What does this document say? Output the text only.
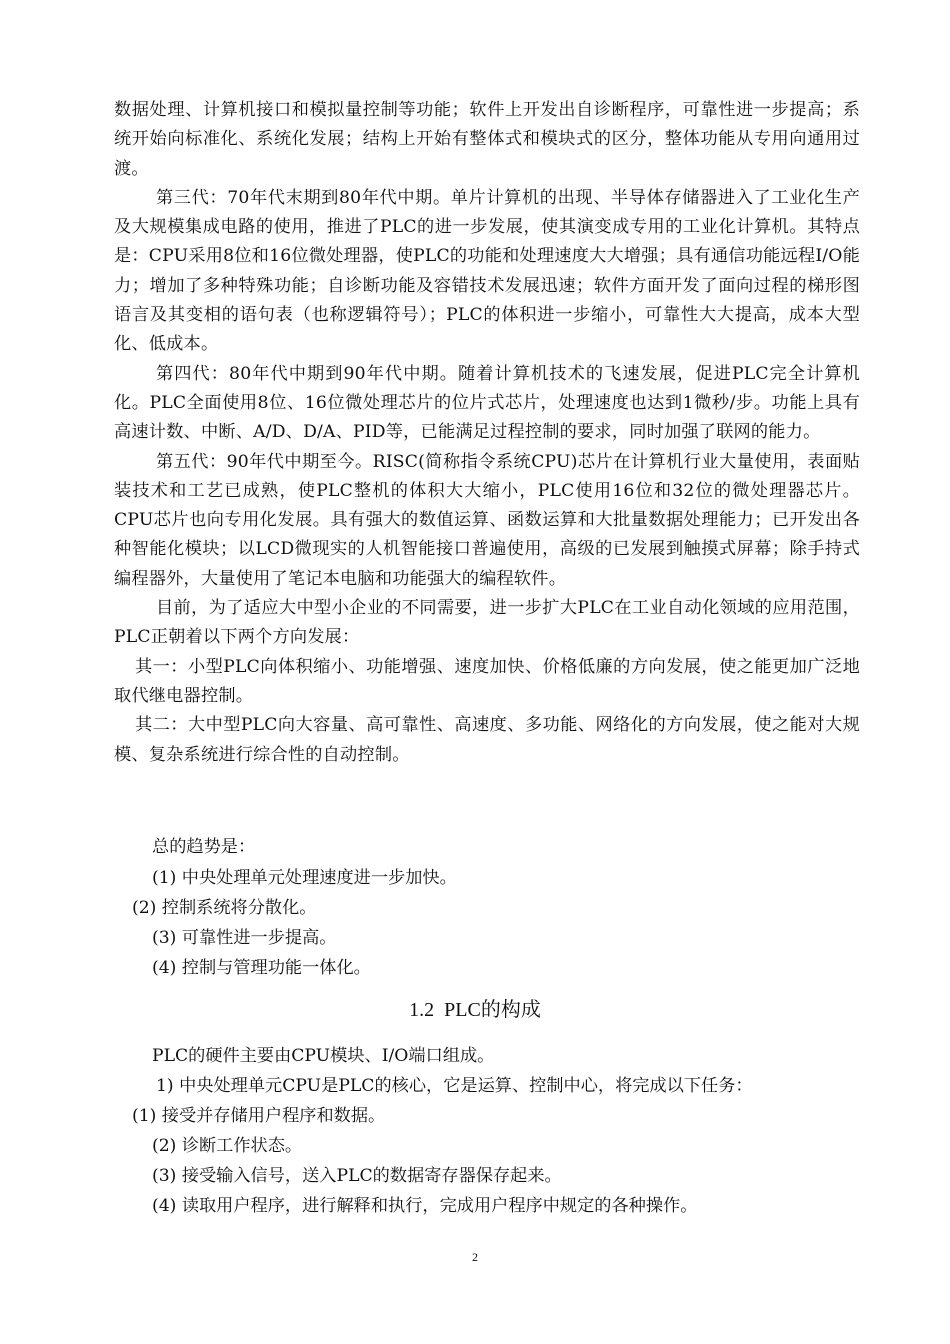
数据处理、计算机接口和模拟量控制等功能；软件上开发出自诊断程序，可靠性进一步提高；系统开始向标准化、系统化发展；结构上开始有整体式和模块式的区分，整体功能从专用向通用过渡。

第三代：70年代末期到80年代中期。单片计算机的出现、半导体存储器进入了工业化生产及大规模集成电路的使用，推进了PLC的进一步发展，使其演变成专用的工业化计算机。其特点是：CPU采用8位和16位微处理器，使PLC的功能和处理速度大大增强；具有通信功能远程I/O能力；增加了多种特殊功能；自诊断功能及容错技术发展迅速；软件方面开发了面向过程的梯形图语言及其变相的语句表（也称逻辑符号）；PLC的体积进一步缩小，可靠性大大提高，成本大型化、低成本。

第四代：80年代中期到90年代中期。随着计算机技术的飞速发展，促进PLC完全计算机化。PLC全面使用8位、16位微处理芯片的位片式芯片，处理速度也达到1微秒/步。功能上具有高速计数、中断、A/D、D/A、PID等，已能满足过程控制的要求，同时加强了联网的能力。

第五代：90年代中期至今。RISC(简称指令系统CPU)芯片在计算机行业大量使用，表面贴装技术和工艺已成熟，使PLC整机的体积大大缩小，PLC使用16位和32位的微处理器芯片。CPU芯片也向专用化发展。具有强大的数值运算、函数运算和大批量数据处理能力；已开发出各种智能化模块；以LCD微现实的人机智能接口普遍使用，高级的已发展到触摸式屏幕；除手持式编程器外，大量使用了笔记本电脑和功能强大的编程软件。

目前，为了适应大中型小企业的不同需要，进一步扩大PLC在工业自动化领域的应用范围，PLC正朝着以下两个方向发展：

其一：小型PLC向体积缩小、功能增强、速度加快、价格低廉的方向发展，使之能更加广泛地取代继电器控制。

其二：大中型PLC向大容量、高可靠性、高速度、多功能、网络化的方向发展，使之能对大规模、复杂系统进行综合性的自动控制。

总的趋势是：

(1) 中央处理单元处理速度进一步加快。

(2) 控制系统将分散化。

(3) 可靠性进一步提高。

(4) 控制与管理功能一体化。

1.2 PLC的构成

PLC的硬件主要由CPU模块、I/O端口组成。

1) 中央处理单元CPU是PLC的核心，它是运算、控制中心，将完成以下任务：

(1) 接受并存储用户程序和数据。

(2) 诊断工作状态。

(3) 接受输入信号，送入PLC的数据寄存器保存起来。

(4) 读取用户程序，进行解释和执行，完成用户程序中规定的各种操作。

2
